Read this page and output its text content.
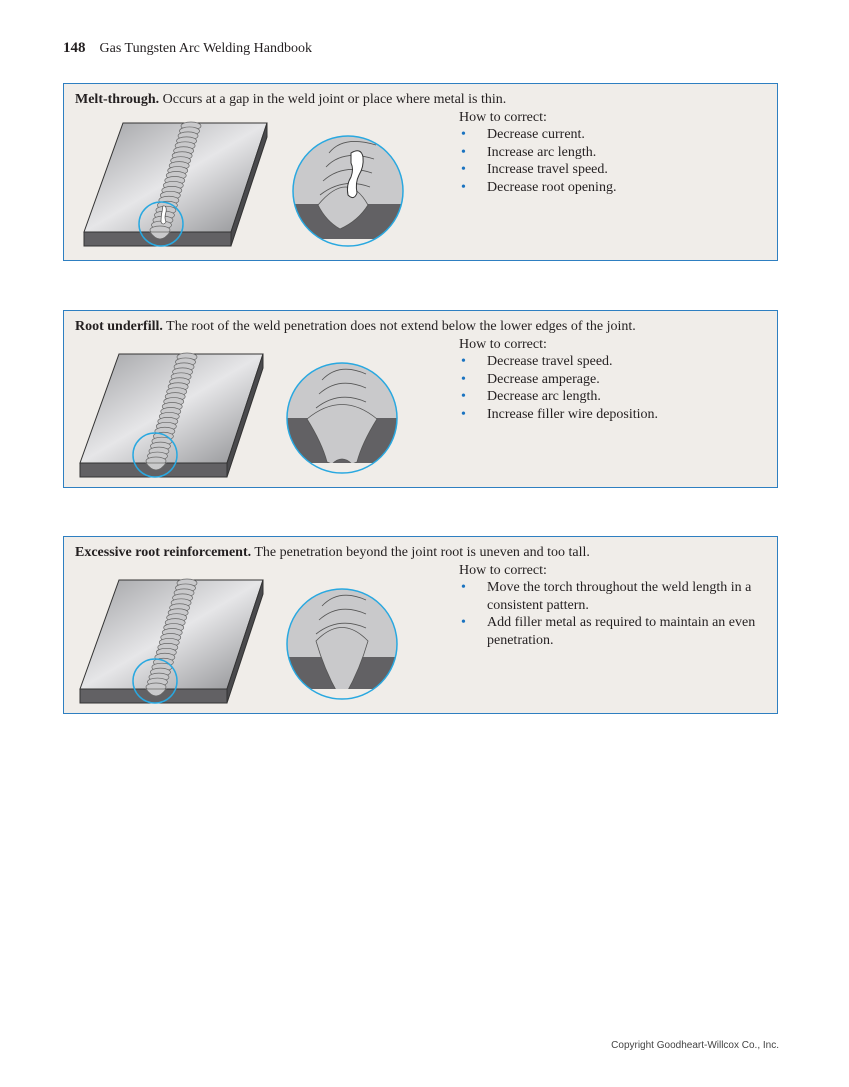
148 Gas Tungsten Arc Welding Handbook
Melt-through. Occurs at a gap in the weld joint or place where metal is thin.
How to correct:
• Decrease current.
• Increase arc length.
• Increase travel speed.
• Decrease root opening.
Root underfill. The root of the weld penetration does not extend below the lower edges of the joint.
How to correct:
• Decrease travel speed.
• Decrease amperage.
• Decrease arc length.
• Increase filler wire deposition.
Excessive root reinforcement. The penetration beyond the joint root is uneven and too tall.
How to correct:
• Move the torch throughout the weld length in a consistent pattern.
• Add filler metal as required to maintain an even penetration.
Copyright Goodheart-Willcox Co., Inc.
